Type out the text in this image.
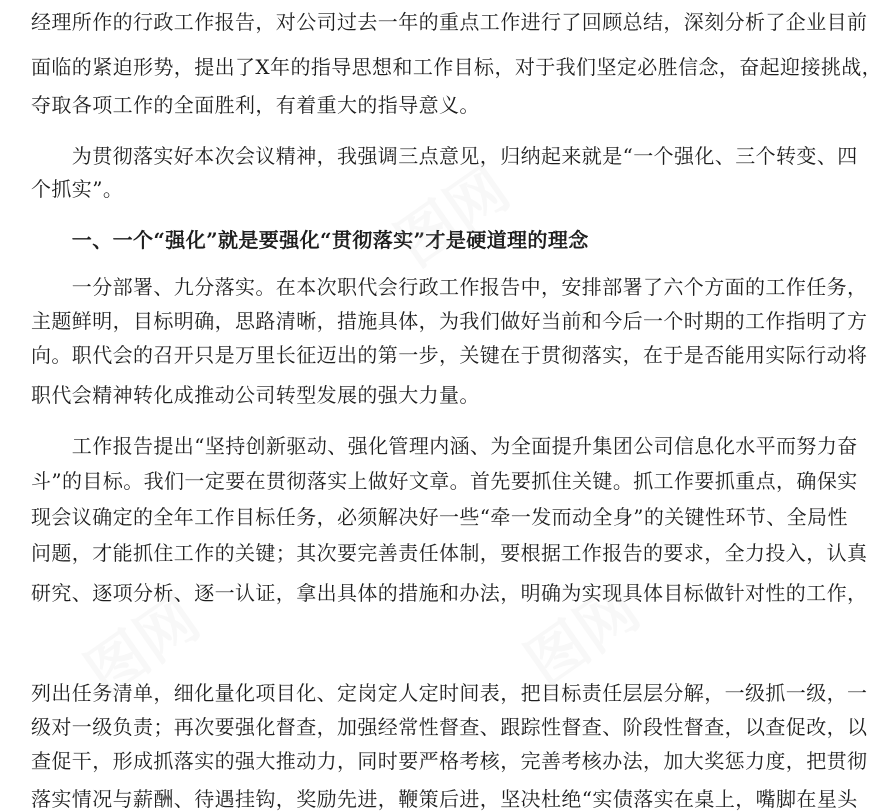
经理所作的行政工作报告，对公司过去一年的重点工作进行了回顾总结，深刻分析了企业目前
面临的紧迫形势，提出了X年的指导思想和工作目标，对于我们坚定必胜信念，奋起迎接挑战，
夺取各项工作的全面胜利，有着重大的指导意义。
　　为贯彻落实好本次会议精神，我强调三点意见，归纳起来就是“一个强化、三个转变、四
个抓实”。
　　一、一个“强化”就是要强化“贯彻落实”才是硬道理的理念
　　一分部署、九分落实。在本次职代会行政工作报告中，安排部署了六个方面的工作任务，
主题鲜明，目标明确，思路清晰，措施具体，为我们做好当前和今后一个时期的工作指明了方
向。职代会的召开只是万里长征迈出的第一步，关键在于贯彻落实，在于是否能用实际行动将
职代会精神转化成推动公司转型发展的强大力量。
　　工作报告提出“坚持创新驱动、强化管理内涵、为全面提升集团公司信息化水平而努力奋
斗”的目标。我们一定要在贯彻落实上做好文章。首先要抓住关键。抓工作要抓重点，确保实
现会议确定的全年工作目标任务，必须解决好一些“牵一发而动全身”的关键性环节、全局性
问题，才能抓住工作的关键；其次要完善责任体制，要根据工作报告的要求，全力投入，认真
研究、逐项分析、逐一认证，拿出具体的措施和办法，明确为实现具体目标做针对性的工作，
列出任务清单，细化量化项目化、定岗定人定时间表，把目标责任层层分解，一级抓一级，一
级对一级负责；再次要强化督查，加强经常性督查、跟踪性督查、阶段性督查，以查促改，以
查促干，形成抓落实的强大推动力，同时要严格考核，完善考核办法，加大奖惩力度，把贯彻
落实情况与薪酬、待遇挂钩，奖励先进，鞭策后进，坚决杜绝“实债落实在桌上，嘴脚在星头
图网	图网
图网
